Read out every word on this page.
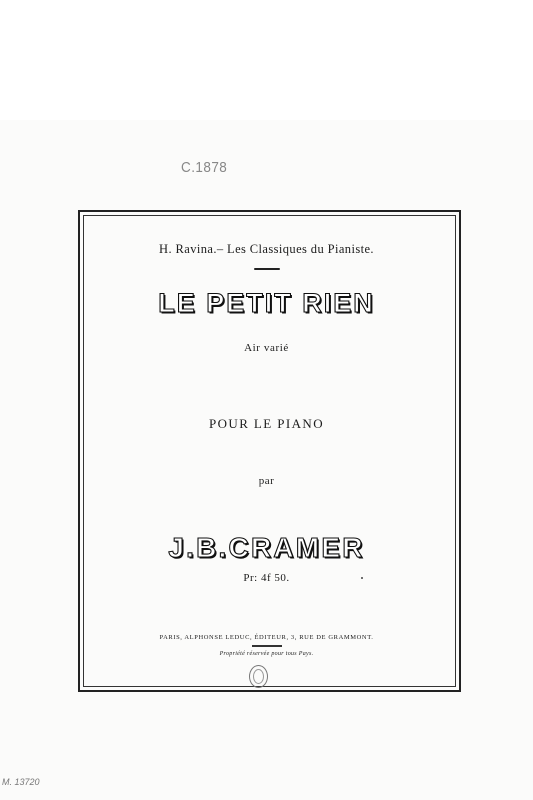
C.1878
H. Ravina.– Les Classiques du Pianiste.
LE PETIT RIEN
Air varié
POUR LE PIANO
par
J.B.CRAMER
Pr: 4f 50.
PARIS, ALPHONSE LEDUC, ÉDITEUR, 3, RUE DE GRAMMONT.
Propriété réservée pour tous Pays.
M. 13720
